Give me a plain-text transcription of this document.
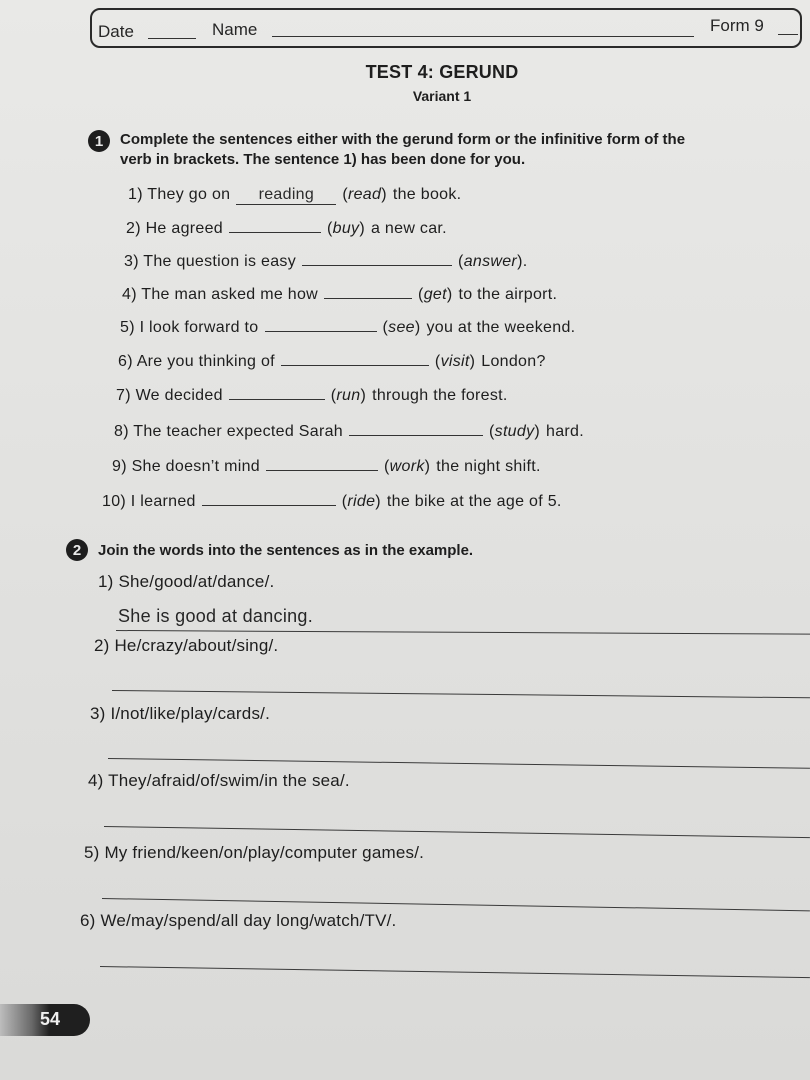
Date	Name	Form 9
TEST 4: GERUND
Variant 1
1	Complete the sentences either with the gerund form or the infinitive form of the
verb in brackets. The sentence 1) has been done for you.
1) They go on	reading	( read ) the book.
2) He agreed	( buy ) a new car.
3) The question is easy	( answer ) .
4) The man asked me how	( get ) to the airport.
5) I look forward to	( see ) you at the weekend.
6) Are you thinking of	( visit ) London?
7) We decided	( run ) through the forest.
8) The teacher expected Sarah	( study ) hard.
9) She doesn’t mind	( work ) the night shift.
10) I learned	( ride ) the bike at the age of 5.
2	Join the words into the sentences as in the example.
1) She/good/at/dance/.
She is good at dancing.
2) He/crazy/about/sing/.
3) I/not/like/play/cards/.
4) They/afraid/of/swim/in the sea/.
5) My friend/keen/on/play/computer games/.
6) We/may/spend/all day long/watch/TV/.
54
